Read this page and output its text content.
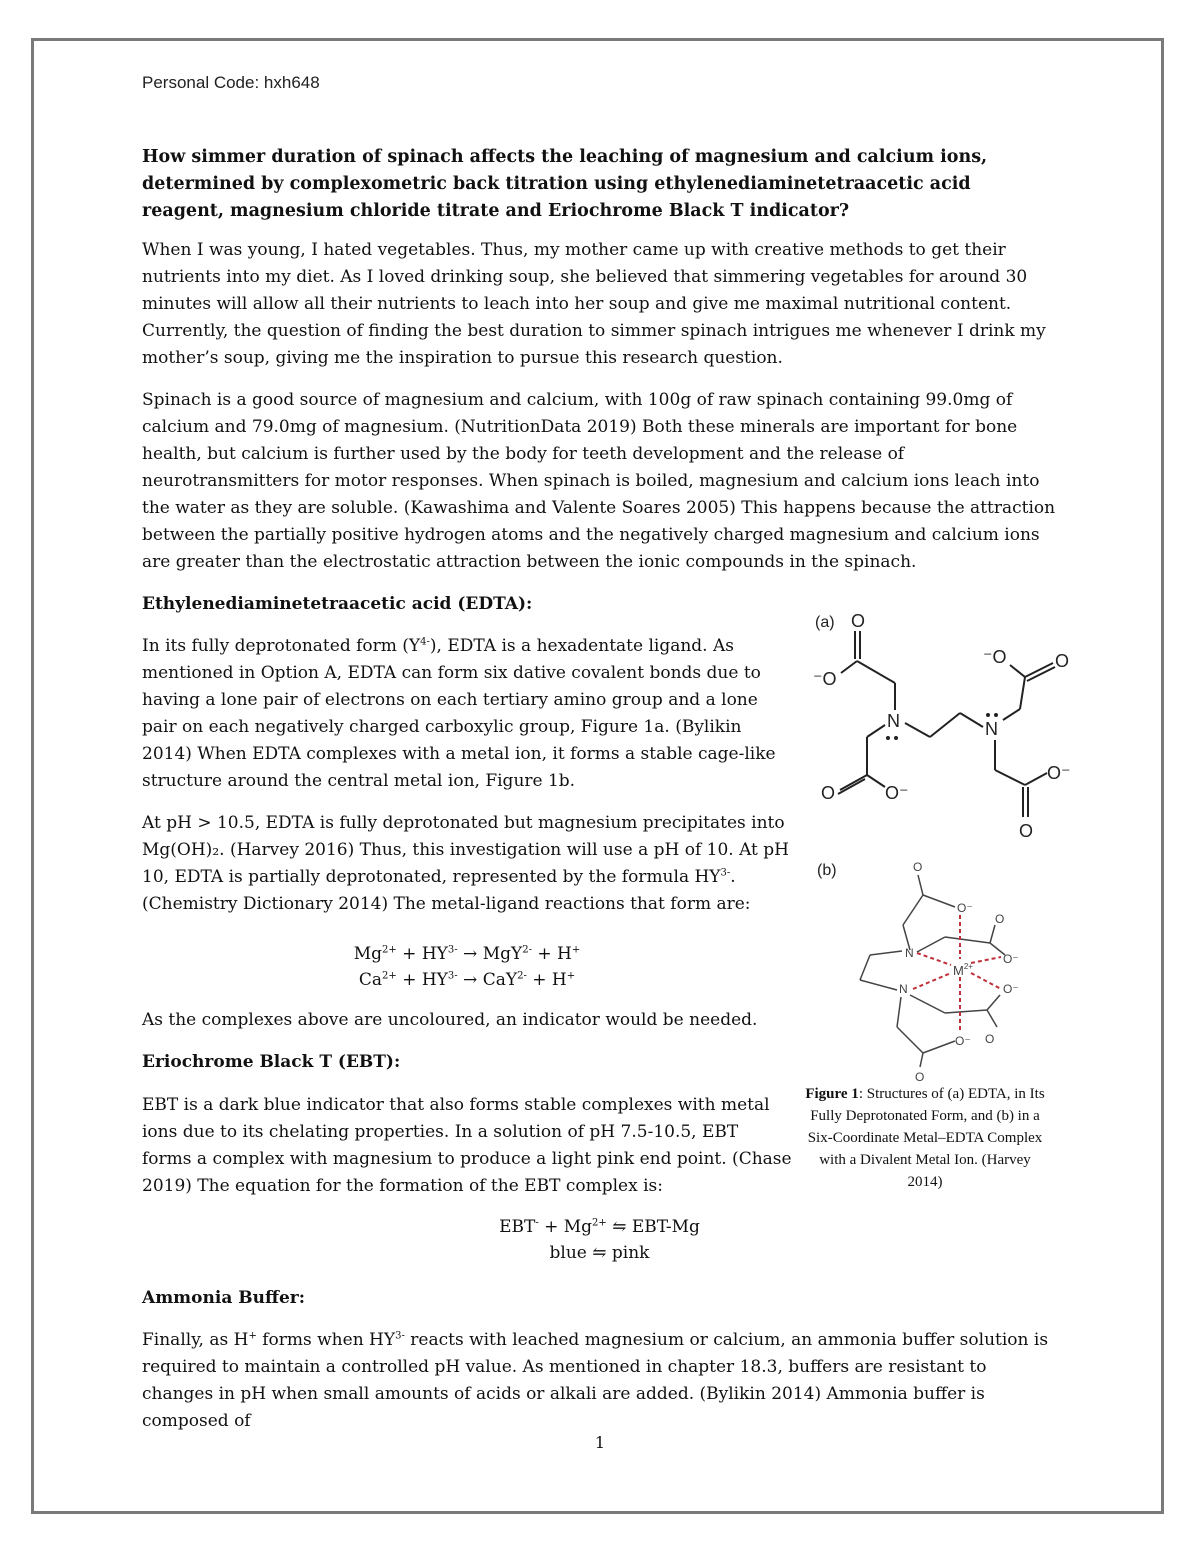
Personal Code: hxh648

How simmer duration of spinach affects the leaching of magnesium and calcium ions, determined by complexometric back titration using ethylenediaminetetraacetic acid reagent, magnesium chloride titrate and Eriochrome Black T indicator?

When I was young, I hated vegetables. Thus, my mother came up with creative methods to get their nutrients into my diet. As I loved drinking soup, she believed that simmering vegetables for around 30 minutes will allow all their nutrients to leach into her soup and give me maximal nutritional content. Currently, the question of finding the best duration to simmer spinach intrigues me whenever I drink my mother’s soup, giving me the inspiration to pursue this research question.

Spinach is a good source of magnesium and calcium, with 100g of raw spinach containing 99.0mg of calcium and 79.0mg of magnesium. (NutritionData 2019) Both these minerals are important for bone health, but calcium is further used by the body for teeth development and the release of neurotransmitters for motor responses. When spinach is boiled, magnesium and calcium ions leach into the water as they are soluble. (Kawashima and Valente Soares 2005) This happens because the attraction between the partially positive hydrogen atoms and the negatively charged magnesium and calcium ions are greater than the electrostatic attraction between the ionic compounds in the spinach.

Ethylenediaminetetraacetic acid (EDTA):

In its fully deprotonated form $(Y^{4-})$, EDTA is a hexadentate ligand. As mentioned in Option A, EDTA can form six dative covalent bonds due to having a lone pair of electrons on each tertiary amino group and a lone pair on each negatively charged carboxylic group, Figure 1a. (Bylikin 2014) When EDTA complexes with a metal ion, it forms a stable cage-like structure around the central metal ion, Figure 1b.

At pH > 10.5, EDTA is fully deprotonated but magnesium precipitates into Mg(OH)₂. (Harvey 2016) Thus, this investigation will use a pH of 10. At pH 10, EDTA is partially deprotonated, represented by the formula $HY^{3-}$. (Chemistry Dictionary 2014) The metal-ligand reactions that form are:

$Mg^{2+} + HY^{3-} \to MgY^{2-} + H^+$
$Ca^{2+} + HY^{3-} \to CaY^{2-} + H^+$

As the complexes above are uncoloured, an indicator would be needed.

Eriochrome Black T (EBT):

EBT is a dark blue indicator that also forms stable complexes with metal ions due to its chelating properties. In a solution of pH 7.5-10.5, EBT forms a complex with magnesium to produce a light pink end point. (Chase 2019) The equation for the formation of the EBT complex is:

$EBT^- + Mg^{2+}$ ⇋ EBT-Mg
blue ⇋ pink

Ammonia Buffer:

Finally, as H+ forms when $HY^{3-}$ reacts with leached magnesium or calcium, an ammonia buffer solution is required to maintain a controlled pH value. As mentioned in chapter 18.3, buffers are resistant to changes in pH when small amounts of acids or alkali are added. (Bylikin 2014) Ammonia buffer is composed of

(a) O
⁻O
N
O	O⁻
N
O
⁻O
O⁻
O
(b)	O
O⁻
N
N
O
O⁻
O⁻
O
O⁻
O
$M^{2+}$
Figure 1: Structures of (a) EDTA, in Its Fully Deprotonated Form, and (b) in a Six-Coordinate Metal–EDTA Complex with a Divalent Metal Ion. (Harvey 2014)
1
